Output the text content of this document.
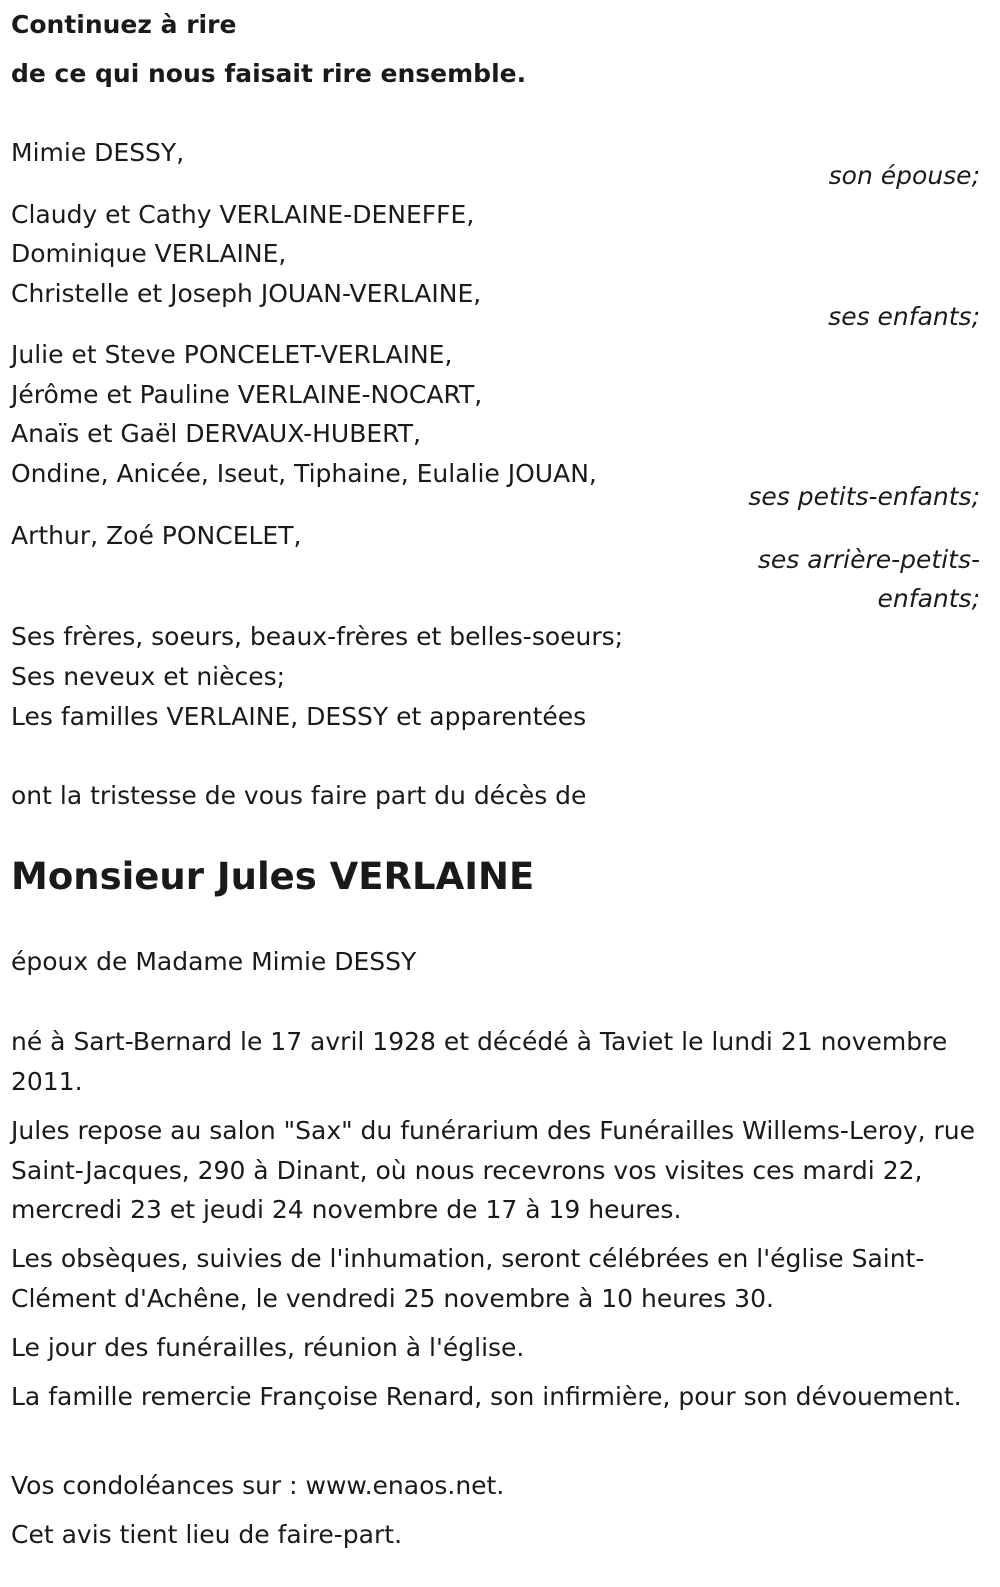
Continuez à rire
de ce qui nous faisait rire ensemble.
Mimie DESSY,
son épouse;
Claudy et Cathy VERLAINE-DENEFFE,
Dominique VERLAINE,
Christelle et Joseph JOUAN-VERLAINE,
ses enfants;
Julie et Steve PONCELET-VERLAINE,
Jérôme et Pauline VERLAINE-NOCART,
Anaïs et Gaël DERVAUX-HUBERT,
Ondine, Anicée, Iseut, Tiphaine, Eulalie JOUAN,
ses petits-enfants;
Arthur, Zoé PONCELET,
ses arrière-petits-
enfants;
Ses frères, soeurs, beaux-frères et belles-soeurs;
Ses neveux et nièces;
Les familles VERLAINE, DESSY et apparentées
ont la tristesse de vous faire part du décès de
Monsieur Jules VERLAINE
époux de Madame Mimie DESSY
né à Sart-Bernard le 17 avril 1928 et décédé à Taviet le lundi 21 novembre 2011.
Jules repose au salon "Sax" du funérarium des Funérailles Willems-Leroy, rue Saint-Jacques, 290 à Dinant, où nous recevrons vos visites ces mardi 22, mercredi 23 et jeudi 24 novembre de 17 à 19 heures.
Les obsèques, suivies de l'inhumation, seront célébrées en l'église Saint-Clément d'Achêne, le vendredi 25 novembre à 10 heures 30.
Le jour des funérailles, réunion à l'église.
La famille remercie Françoise Renard, son infirmière, pour son dévouement.
Vos condoléances sur : www.enaos.net.
Cet avis tient lieu de faire-part.
